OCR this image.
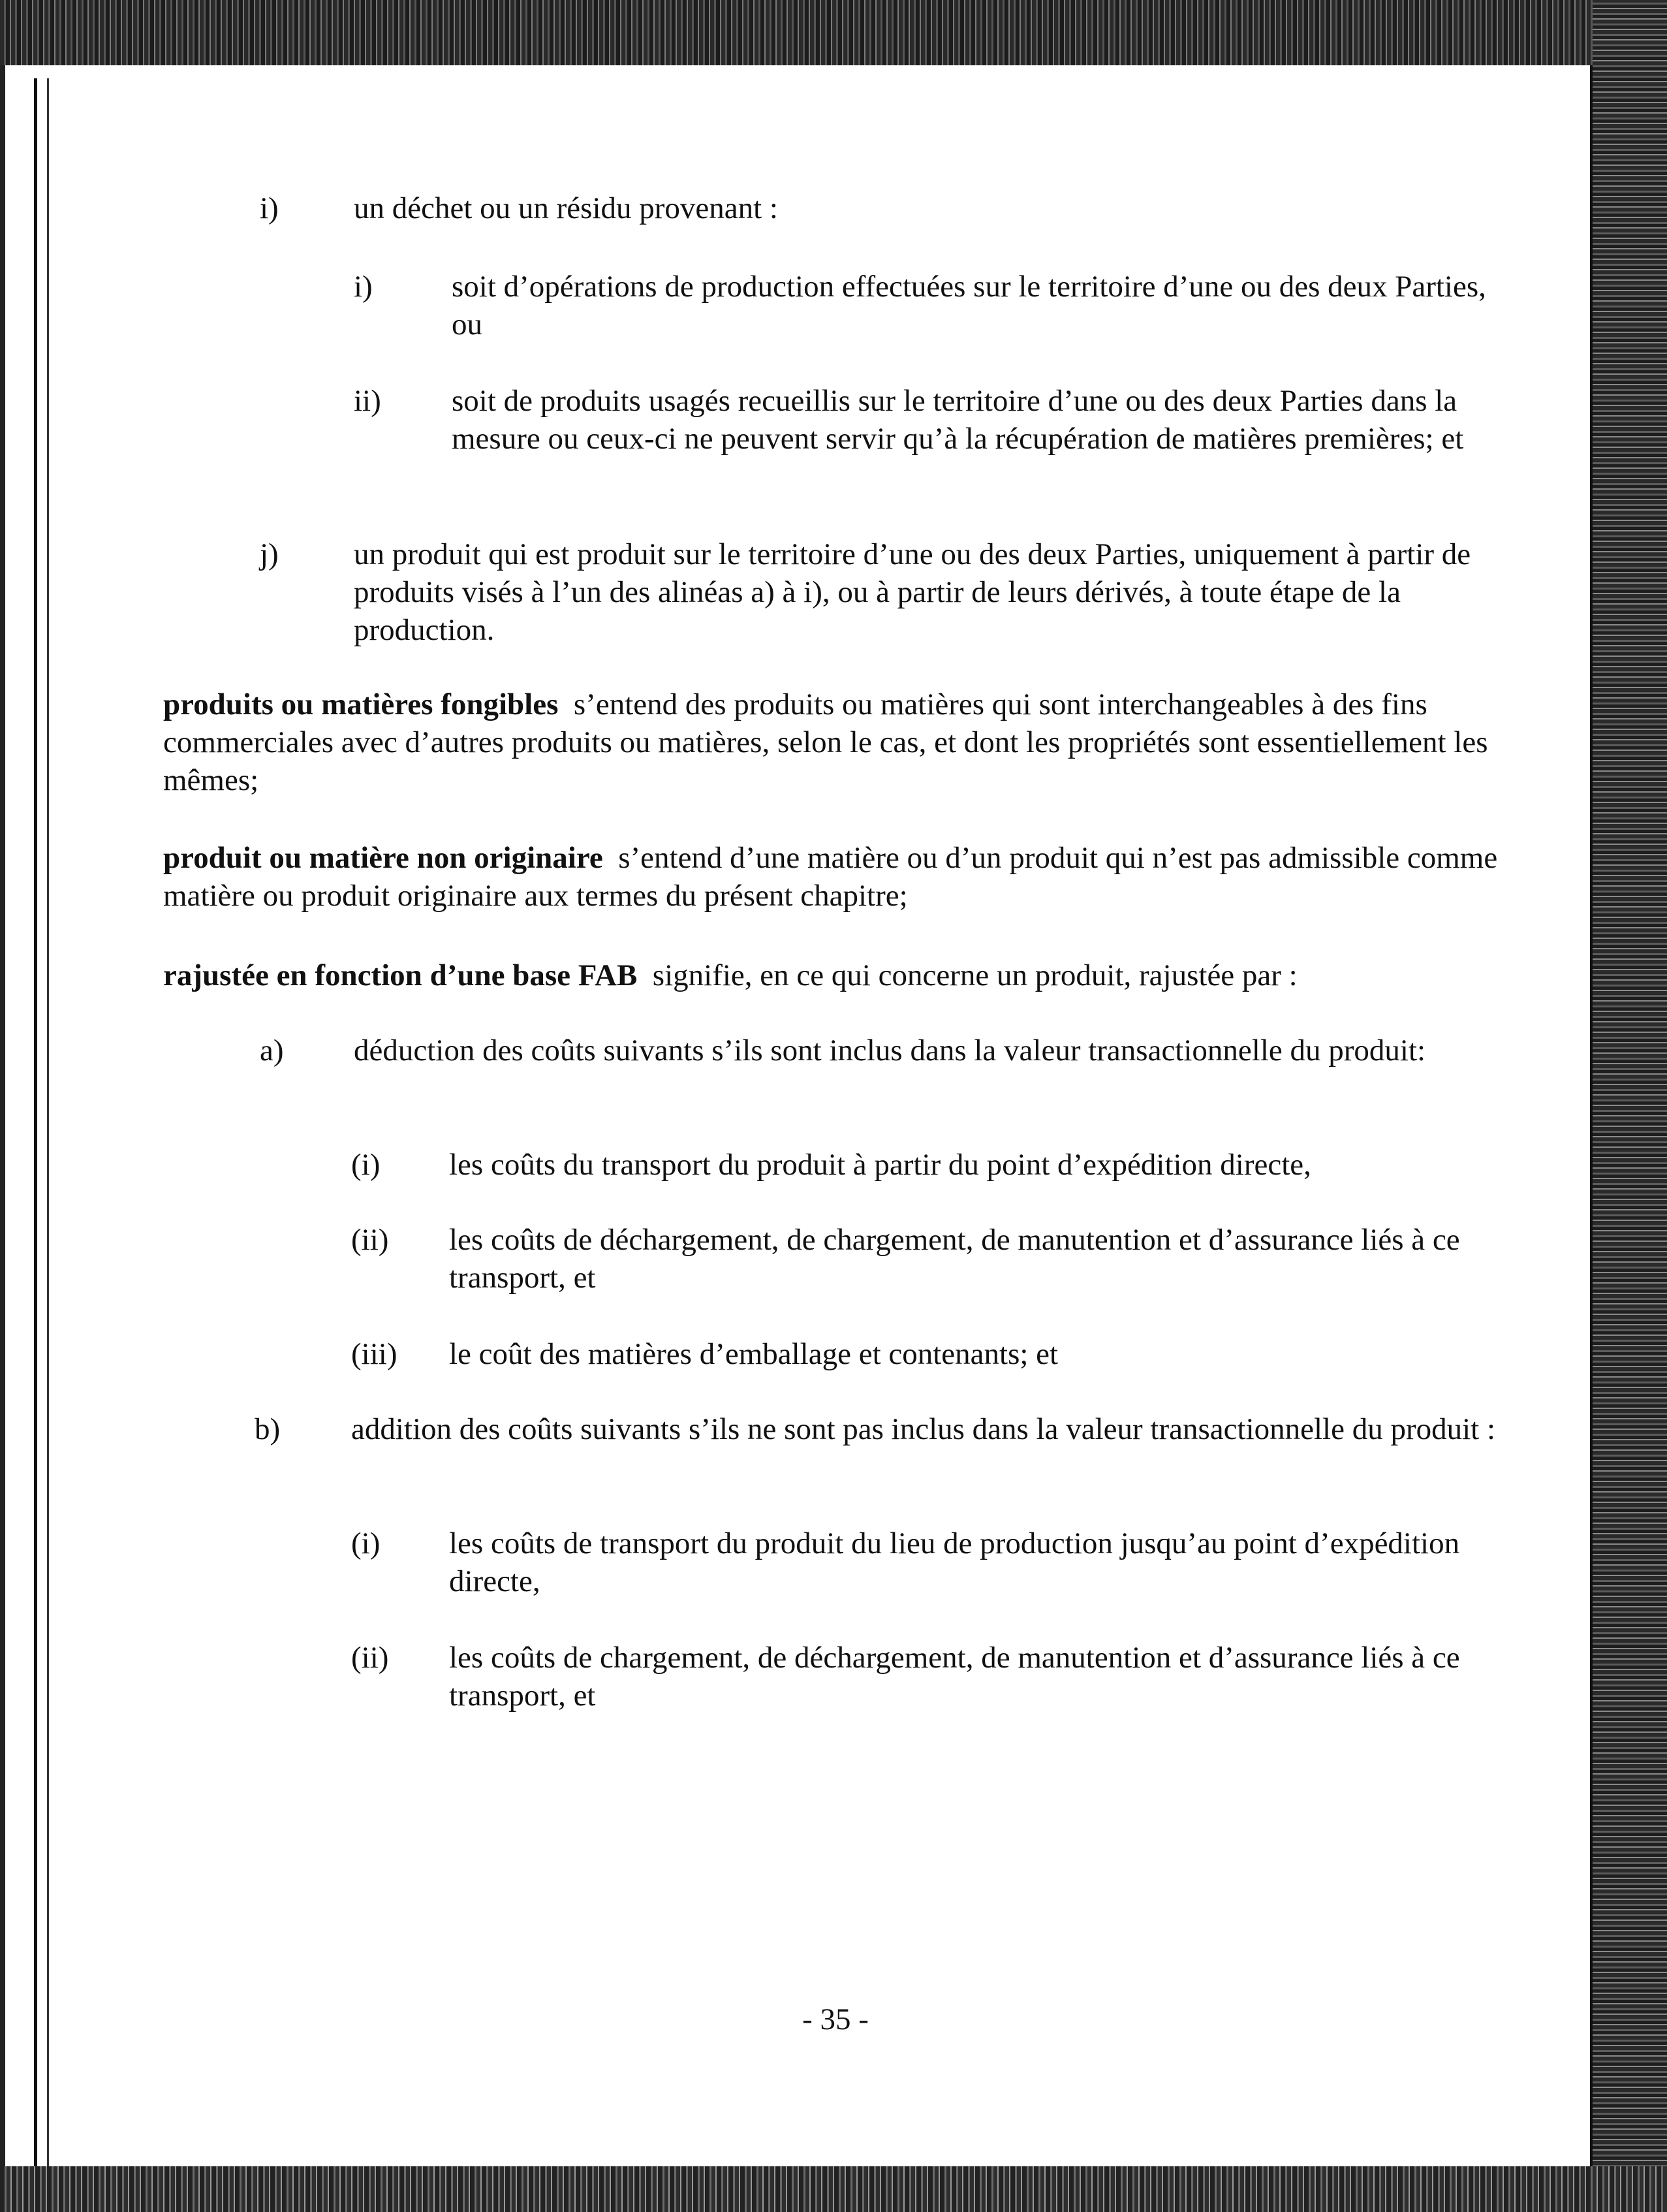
i) un déchet ou un résidu provenant :

i)	soit d’opérations de production effectuées sur le territoire d’une ou des deux Parties, ou

ii) soit de produits usagés recueillis sur le territoire d’une ou des deux Parties dans la mesure ou ceux-ci ne peuvent servir qu’à la récupération de matières premières; et

j) un produit qui est produit sur le territoire d’une ou des deux Parties, uniquement à partir de produits visés à l’un des alinéas a) à i), ou à partir de leurs dérivés, à toute étape de la production.

produits ou matières fongibles s’entend des produits ou matières qui sont interchangeables à des fins commerciales avec d’autres produits ou matières, selon le cas, et dont les propriétés sont essentiellement les mêmes;

produit ou matière non originaire s’entend d’une matière ou d’un produit qui n’est pas admissible comme matière ou produit originaire aux termes du présent chapitre;

rajustée en fonction d’une base FAB signifie, en ce qui concerne un produit, rajustée par :

a) déduction des coûts suivants s’ils sont inclus dans la valeur transactionnelle du produit:

(i) les coûts du transport du produit à partir du point d’expédition directe,

(ii) les coûts de déchargement, de chargement, de manutention et d’assurance liés à ce transport, et

(iii) le coût des matières d’emballage et contenants; et

b) addition des coûts suivants s’ils ne sont pas inclus dans la valeur transactionnelle du produit :

(i) les coûts de transport du produit du lieu de production jusqu’au point d’expédition directe,

(ii) les coûts de chargement, de déchargement, de manutention et d’assurance liés à ce transport, et

- 35 -
